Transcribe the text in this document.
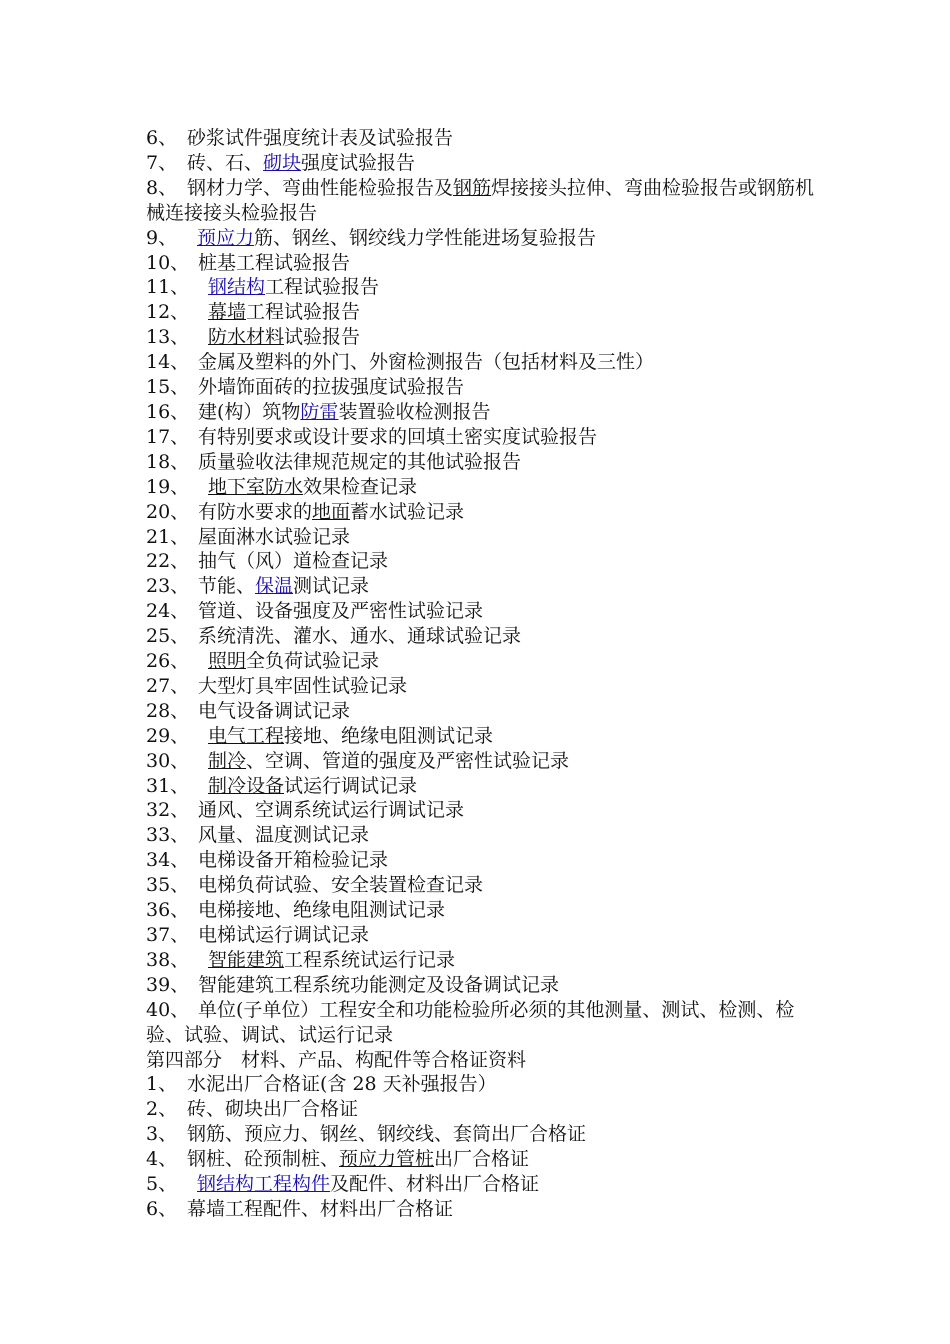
6、 砂浆试件强度统计表及试验报告
7、 砖、石、砌块强度试验报告
8、 钢材力学、弯曲性能检验报告及钢筋焊接接头拉伸、弯曲检验报告或钢筋机械连接接头检验报告
9、 预应力筋、钢丝、钢绞线力学性能进场复验报告
10、 桩基工程试验报告
11、 钢结构工程试验报告
12、 幕墙工程试验报告
13、 防水材料试验报告
14、 金属及塑料的外门、外窗检测报告（包括材料及三性）
15、 外墙饰面砖的拉拔强度试验报告
16、 建(构）筑物防雷装置验收检测报告
17、 有特别要求或设计要求的回填土密实度试验报告
18、 质量验收法律规范规定的其他试验报告
19、 地下室防水效果检查记录
20、 有防水要求的地面蓄水试验记录
21、 屋面淋水试验记录
22、 抽气（风）道检查记录
23、 节能、保温测试记录
24、 管道、设备强度及严密性试验记录
25、 系统清洗、灌水、通水、通球试验记录
26、 照明全负荷试验记录
27、 大型灯具牢固性试验记录
28、 电气设备调试记录
29、 电气工程接地、绝缘电阻测试记录
30、 制冷、空调、管道的强度及严密性试验记录
31、 制冷设备试运行调试记录
32、 通风、空调系统试运行调试记录
33、 风量、温度测试记录
34、 电梯设备开箱检验记录
35、 电梯负荷试验、安全装置检查记录
36、 电梯接地、绝缘电阻测试记录
37、 电梯试运行调试记录
38、 智能建筑工程系统试运行记录
39、 智能建筑工程系统功能测定及设备调试记录
40、 单位(子单位）工程安全和功能检验所必须的其他测量、测试、检测、检验、试验、调试、试运行记录
第四部分　材料、产品、构配件等合格证资料
1、 水泥出厂合格证(含 28 天补强报告）
2、 砖、砌块出厂合格证
3、 钢筋、预应力、钢丝、钢绞线、套筒出厂合格证
4、 钢桩、砼预制桩、预应力管桩出厂合格证
5、 钢结构工程构件及配件、材料出厂合格证
6、 幕墙工程配件、材料出厂合格证
